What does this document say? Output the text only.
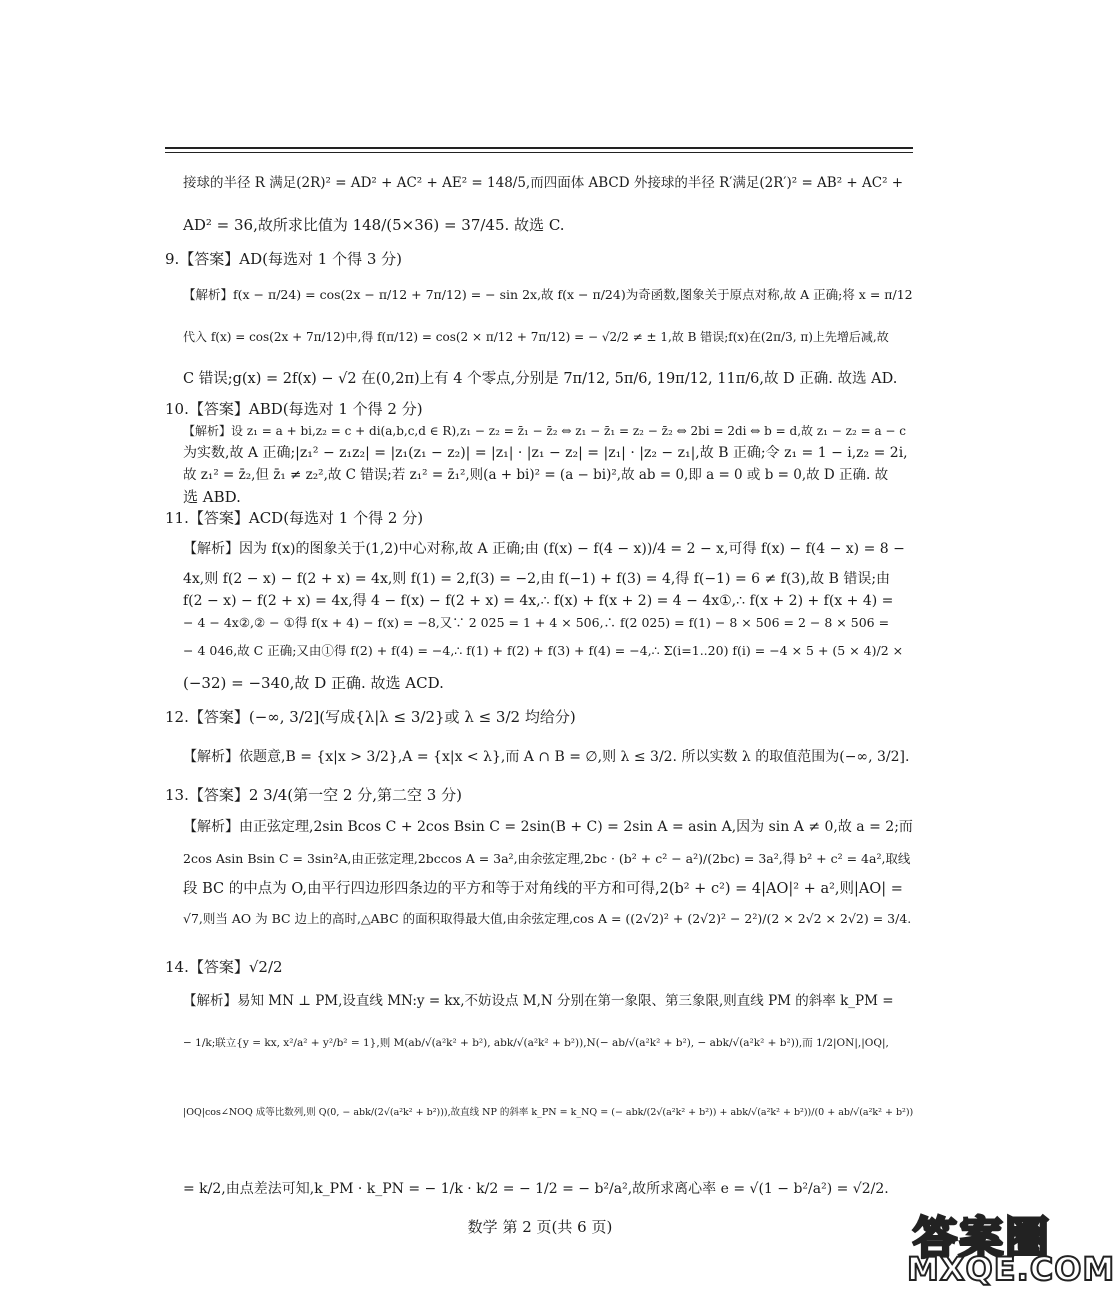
接球的半径 R 满足(2R)² = AD² + AC² + AE² = 148/5,而四面体 ABCD 外接球的半径 R′满足(2R′)² = AB² + AC² +
AD² = 36,故所求比值为 148/(5×36) = 37/45. 故选 C.
9.【答案】AD(每选对 1 个得 3 分)
【解析】f(x − π/24) = cos(2x − π/12 + 7π/12) = − sin 2x,故 f(x − π/24)为奇函数,图象关于原点对称,故 A 正确;将 x = π/12
代入 f(x) = cos(2x + 7π/12)中,得 f(π/12) = cos(2 × π/12 + 7π/12) = − √2/2 ≠ ± 1,故 B 错误;f(x)在(2π/3, π)上先增后减,故
C 错误;g(x) = 2f(x) − √2 在(0,2π)上有 4 个零点,分别是 7π/12, 5π/6, 19π/12, 11π/6,故 D 正确. 故选 AD.
10.【答案】ABD(每选对 1 个得 2 分)
【解析】设 z₁ = a + bi,z₂ = c + di(a,b,c,d ∈ R),z₁ − z₂ = z̄₁ − z̄₂ ⇔ z₁ − z̄₁ = z₂ − z̄₂ ⇔ 2bi = 2di ⇔ b = d,故 z₁ − z₂ = a − c
为实数,故 A 正确;|z₁² − z₁z₂| = |z₁(z₁ − z₂)| = |z₁| · |z₁ − z₂| = |z₁| · |z₂ − z₁|,故 B 正确;令 z₁ = 1 − i,z₂ = 2i,
故 z₁² = z̄₂,但 z̄₁ ≠ z₂²,故 C 错误;若 z₁² = z̄₁²,则(a + bi)² = (a − bi)²,故 ab = 0,即 a = 0 或 b = 0,故 D 正确. 故
选 ABD.
11.【答案】ACD(每选对 1 个得 2 分)
【解析】因为 f(x)的图象关于(1,2)中心对称,故 A 正确;由 (f(x) − f(4 − x))/4 = 2 − x,可得 f(x) − f(4 − x) = 8 −
4x,则 f(2 − x) − f(2 + x) = 4x,则 f(1) = 2,f(3) = −2,由 f(−1) + f(3) = 4,得 f(−1) = 6 ≠ f(3),故 B 错误;由
f(2 − x) − f(2 + x) = 4x,得 4 − f(x) − f(2 + x) = 4x,∴ f(x) + f(x + 2) = 4 − 4x①,∴ f(x + 2) + f(x + 4) =
− 4 − 4x②,② − ①得 f(x + 4) − f(x) = −8,又∵ 2 025 = 1 + 4 × 506,∴ f(2 025) = f(1) − 8 × 506 = 2 − 8 × 506 =
− 4 046,故 C 正确;又由①得 f(2) + f(4) = −4,∴ f(1) + f(2) + f(3) + f(4) = −4,∴ Σ(i=1..20) f(i) = −4 × 5 + (5 × 4)/2 ×
(−32) = −340,故 D 正确. 故选 ACD.
12.【答案】(−∞, 3/2](写成{λ|λ ≤ 3/2}或 λ ≤ 3/2 均给分)
【解析】依题意,B = {x|x > 3/2},A = {x|x < λ},而 A ∩ B = ∅,则 λ ≤ 3/2. 所以实数 λ 的取值范围为(−∞, 3/2].
13.【答案】2 3/4(第一空 2 分,第二空 3 分)
【解析】由正弦定理,2sin Bcos C + 2cos Bsin C = 2sin(B + C) = 2sin A = asin A,因为 sin A ≠ 0,故 a = 2;而
2cos Asin Bsin C = 3sin²A,由正弦定理,2bccos A = 3a²,由余弦定理,2bc · (b² + c² − a²)/(2bc) = 3a²,得 b² + c² = 4a²,取线
段 BC 的中点为 O,由平行四边形四条边的平方和等于对角线的平方和可得,2(b² + c²) = 4|AO|² + a²,则|AO| =
√7,则当 AO 为 BC 边上的高时,△ABC 的面积取得最大值,由余弦定理,cos A = ((2√2)² + (2√2)² − 2²)/(2 × 2√2 × 2√2) = 3/4.
14.【答案】√2/2
【解析】易知 MN ⊥ PM,设直线 MN:y = kx,不妨设点 M,N 分别在第一象限、第三象限,则直线 PM 的斜率 k_PM =
− 1/k;联立{y = kx, x²/a² + y²/b² = 1},则 M(ab/√(a²k² + b²), abk/√(a²k² + b²)),N(− ab/√(a²k² + b²), − abk/√(a²k² + b²)),而 1/2|ON|,|OQ|,
|OQ|cos∠NOQ 成等比数列,则 Q(0, − abk/(2√(a²k² + b²))),故直线 NP 的斜率 k_PN = k_NQ = (− abk/(2√(a²k² + b²)) + abk/√(a²k² + b²))/(0 + ab/√(a²k² + b²))
= k/2,由点差法可知,k_PM · k_PN = − 1/k · k/2 = − 1/2 = − b²/a²,故所求离心率 e = √(1 − b²/a²) = √2/2.
数学 第 2 页(共 6 页)	答案圈
MXQE.COM
